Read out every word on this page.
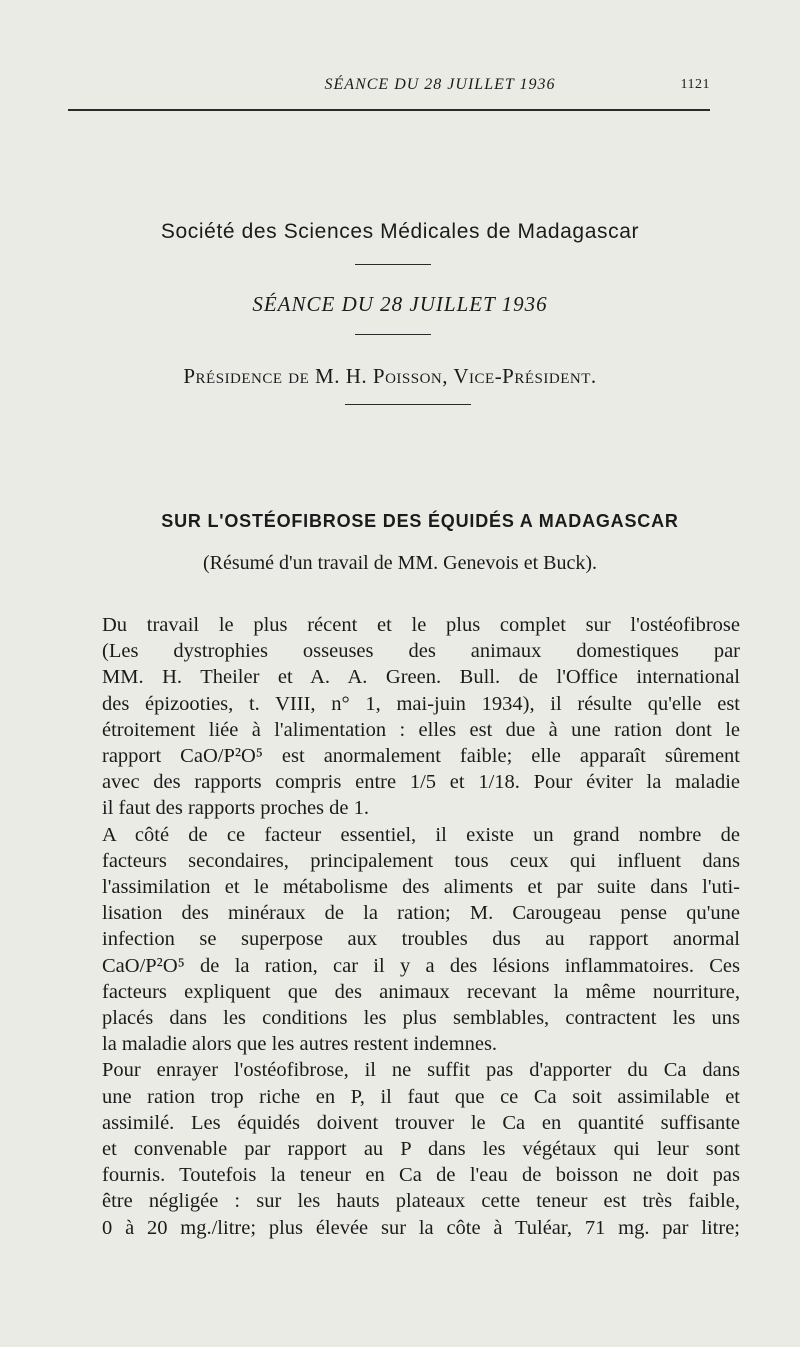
SÉANCE DU 28 JUILLET 1936	1121
Société des Sciences Médicales de Madagascar
SÉANCE DU 28 JUILLET 1936
Présidence de M. H. Poisson, Vice-Président.
SUR L'OSTÉOFIBROSE DES ÉQUIDÉS A MADAGASCAR
(Résumé d'un travail de MM. Genevois et Buck).

Du travail le plus récent et le plus complet sur l'ostéofibrose
(Les dystrophies osseuses des animaux domestiques par
MM. H. Theiler et A. A. Green. Bull. de l'Office international
des épizooties, t. VIII, n° 1, mai-juin 1934), il résulte qu'elle est
étroitement liée à l'alimentation : elles est due à une ration dont le
rapport CaO/P²O⁵ est anormalement faible; elle apparaît sûrement
avec des rapports compris entre 1/5 et 1/18. Pour éviter la maladie
il faut des rapports proches de 1.

A côté de ce facteur essentiel, il existe un grand nombre de
facteurs secondaires, principalement tous ceux qui influent dans
l'assimilation et le métabolisme des aliments et par suite dans l'uti-
lisation des minéraux de la ration; M. Carougeau pense qu'une
infection se superpose aux troubles dus au rapport anormal
CaO/P²O⁵ de la ration, car il y a des lésions inflammatoires. Ces
facteurs expliquent que des animaux recevant la même nourriture,
placés dans les conditions les plus semblables, contractent les uns
la maladie alors que les autres restent indemnes.

Pour enrayer l'ostéofibrose, il ne suffit pas d'apporter du Ca dans
une ration trop riche en P, il faut que ce Ca soit assimilable et
assimilé. Les équidés doivent trouver le Ca en quantité suffisante
et convenable par rapport au P dans les végétaux qui leur sont
fournis. Toutefois la teneur en Ca de l'eau de boisson ne doit pas
être négligée : sur les hauts plateaux cette teneur est très faible,
0 à 20 mg./litre; plus élevée sur la côte à Tuléar, 71 mg. par litre;
